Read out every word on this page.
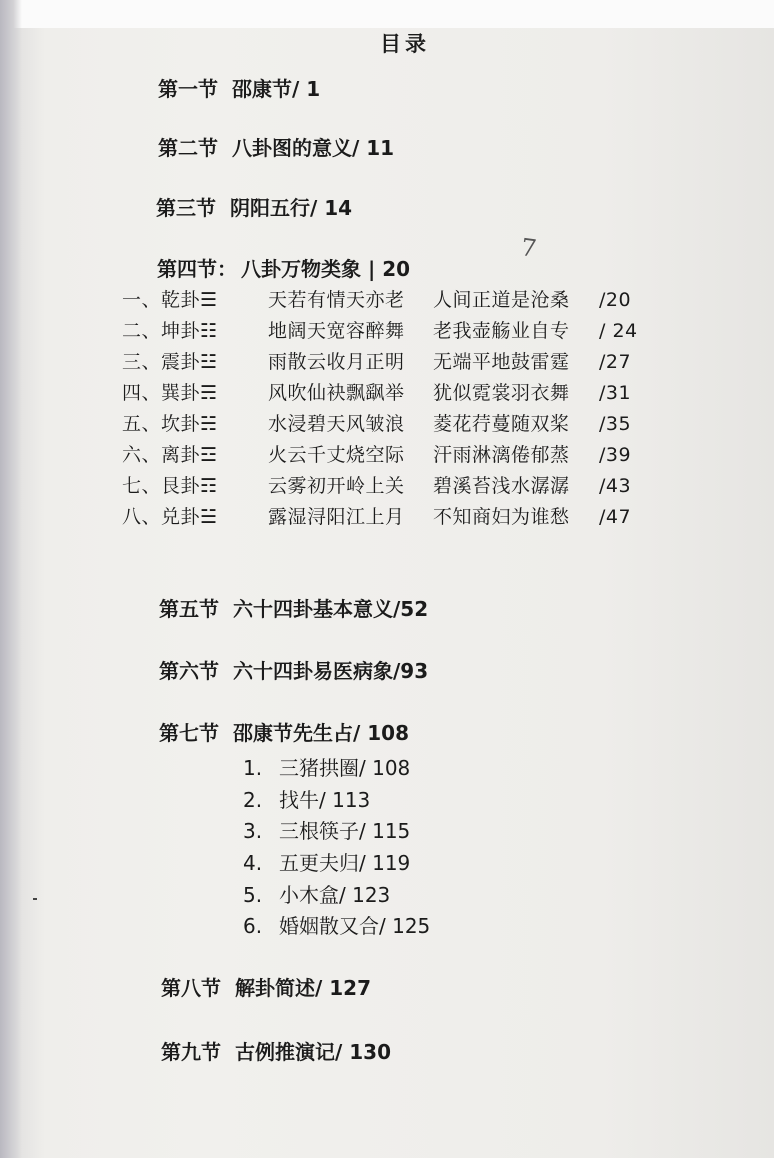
目录
第一节 邵康节/ 1
第二节 八卦图的意义/ 11
第三节 阴阳五行/ 14
第四节： 八卦万物类象 | 20
7
一、乾卦☰	天若有情天亦老 人间正道是沧桑 /20
二、坤卦☷	地阔天宽容醉舞 老我壶觞业自专 / 24
三、震卦☳	雨散云收月正明 无端平地鼓雷霆 /27
四、巽卦☴	风吹仙袂飘飖举 犹似霓裳羽衣舞 /31
五、坎卦☵	水浸碧天风皱浪 菱花荇蔓随双桨 /35
六、离卦☲	火云千丈烧空际 汗雨淋漓倦郁蒸 /39
七、艮卦☶	云雾初开岭上关 碧溪苔浅水潺潺 /43
八、兑卦☱	露湿浔阳江上月 不知商妇为谁愁 /47
第五节 六十四卦基本意义/52
第六节 六十四卦易医病象/93
第七节 邵康节先生占/ 108
1. 三猪拱圈/ 108
2. 找牛/ 113
3. 三根筷子/ 115
4. 五更夫归/ 119
5. 小木盒/ 123
6. 婚姻散又合/ 125
第八节 解卦简述/ 127
第九节 古例推演记/ 130
